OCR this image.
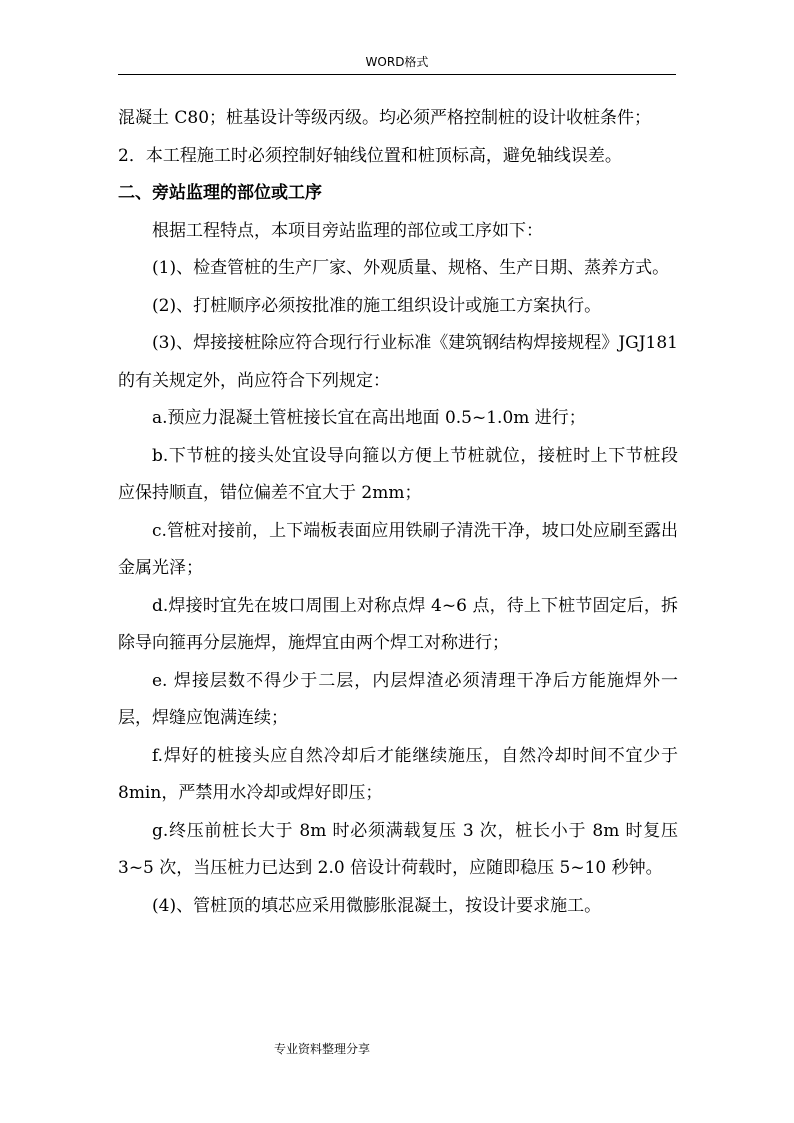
WORD格式
混凝土 C80；桩基设计等级丙级。均必须严格控制桩的设计收桩条件；
2．本工程施工时必须控制好轴线位置和桩顶标高，避免轴线误差。
二、旁站监理的部位或工序
根据工程特点，本项目旁站监理的部位或工序如下：
(1)、检查管桩的生产厂家、外观质量、规格、生产日期、蒸养方式。
(2)、打桩顺序必须按批准的施工组织设计或施工方案执行。
(3)、焊接接桩除应符合现行行业标准《建筑钢结构焊接规程》JGJ181 的有关规定外，尚应符合下列规定：
a.预应力混凝土管桩接长宜在高出地面 0.5~1.0m 进行；
b.下节桩的接头处宜设导向箍以方便上节桩就位，接桩时上下节桩段应保持顺直，错位偏差不宜大于 2mm；
c.管桩对接前，上下端板表面应用铁刷子清洗干净，坡口处应刷至露出金属光泽；
d.焊接时宜先在坡口周围上对称点焊 4~6 点，待上下桩节固定后，拆除导向箍再分层施焊，施焊宜由两个焊工对称进行；
e. 焊接层数不得少于二层，内层焊渣必须清理干净后方能施焊外一层，焊缝应饱满连续；
f.焊好的桩接头应自然冷却后才能继续施压，自然冷却时间不宜少于 8min，严禁用水冷却或焊好即压；
g.终压前桩长大于 8m 时必须满载复压 3 次，桩长小于 8m 时复压 3~5 次，当压桩力已达到 2.0 倍设计荷载时，应随即稳压 5~10 秒钟。
(4)、管桩顶的填芯应采用微膨胀混凝土，按设计要求施工。
专业资料整理分享
